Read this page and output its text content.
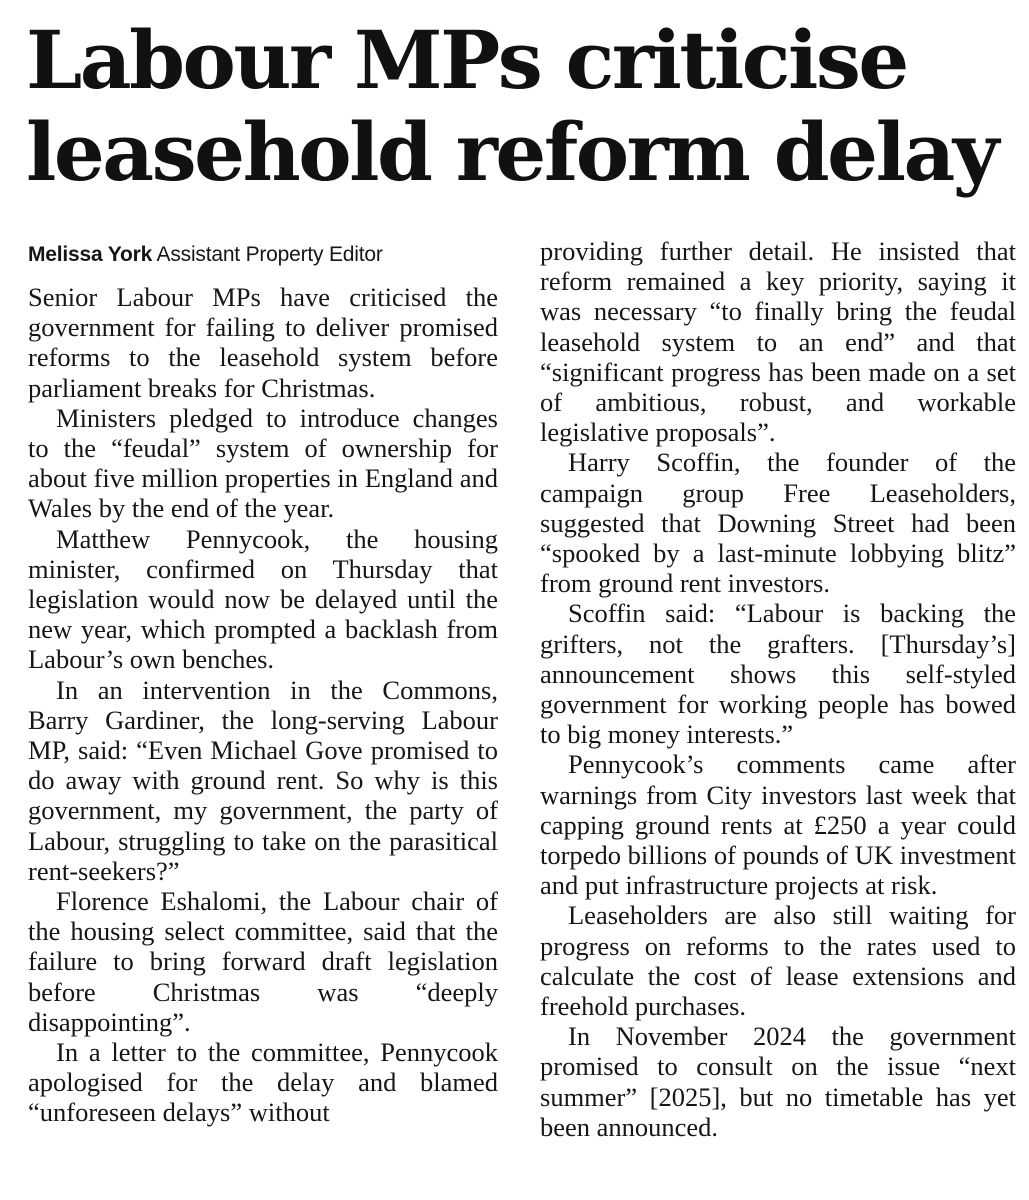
Labour MPs criticise
leasehold reform delay

Melissa York Assistant Property Editor

Senior Labour MPs have criticised the government for failing to deliver promised reforms to the leasehold system before parliament breaks for Christmas.

Ministers pledged to introduce changes to the “feudal” system of ownership for about five million properties in England and Wales by the end of the year.

Matthew Pennycook, the housing minister, confirmed on Thursday that legislation would now be delayed until the new year, which prompted a backlash from Labour’s own benches.

In an intervention in the Commons, Barry Gardiner, the long-serving Labour MP, said: “Even Michael Gove promised to do away with ground rent. So why is this government, my government, the party of Labour, struggling to take on the parasitical rent-seekers?”

Florence Eshalomi, the Labour chair of the housing select committee, said that the failure to bring forward draft legislation before Christmas was “deeply disappointing”.

In a letter to the committee, Pennycook apologised for the delay and blamed “unforeseen delays” without

providing further detail. He insisted that reform remained a key priority, saying it was necessary “to finally bring the feudal leasehold system to an end” and that “significant progress has been made on a set of ambitious, robust, and workable legislative proposals”.

Harry Scoffin, the founder of the campaign group Free Leaseholders, suggested that Downing Street had been “spooked by a last-minute lobbying blitz” from ground rent investors.

Scoffin said: “Labour is backing the grifters, not the grafters. [Thursday’s] announcement shows this self-styled government for working people has bowed to big money interests.”

Pennycook’s comments came after warnings from City investors last week that capping ground rents at £250 a year could torpedo billions of pounds of UK investment and put infrastructure projects at risk.

Leaseholders are also still waiting for progress on reforms to the rates used to calculate the cost of lease extensions and freehold purchases.

In November 2024 the government promised to consult on the issue “next summer” [2025], but no timetable has yet been announced.
